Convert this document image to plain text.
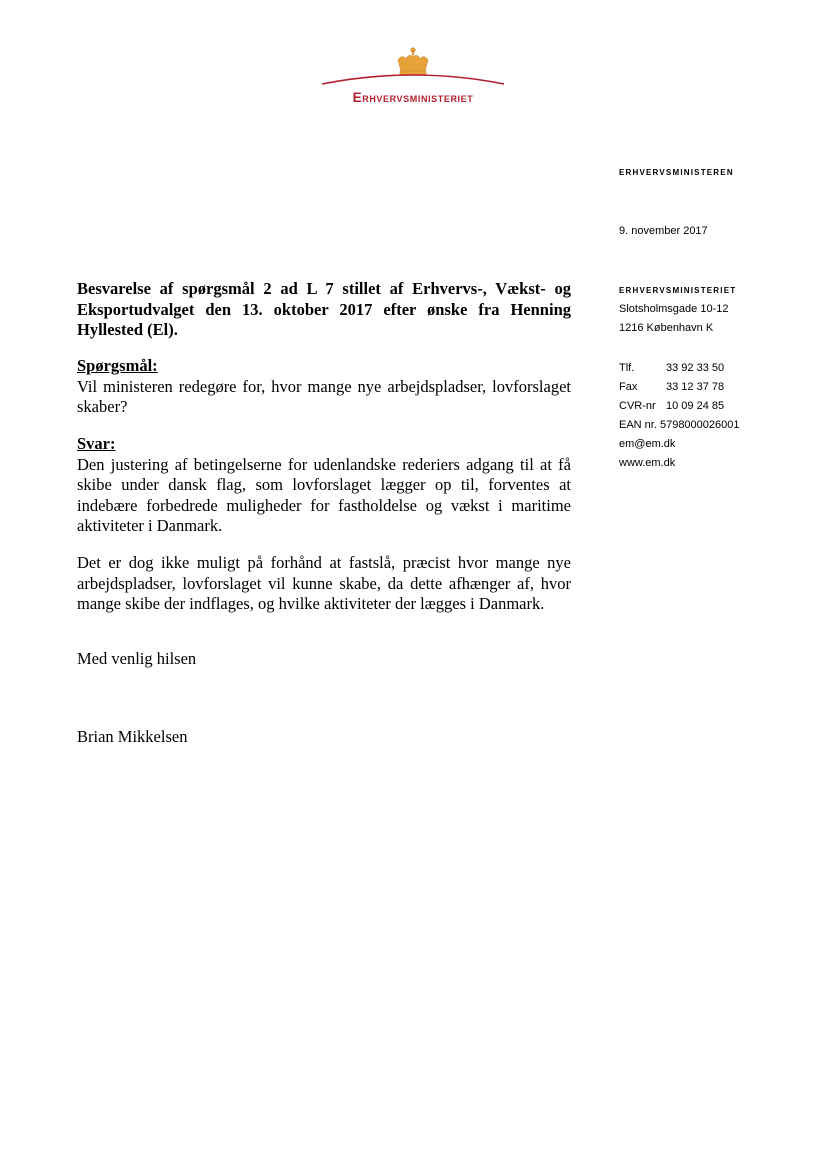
Erhvervsministeriet
ERHVERVSMINISTEREN
9. november 2017
ERHVERVSMINISTERIET
Slotsholmsgade 10-12
1216 København K
Tlf.	33 92 33 50
Fax	33 12 37 78
CVR-nr 10 09 24 85
EAN nr. 5798000026001
em@em.dk
www.em.dk
Besvarelse af spørgsmål 2 ad L 7 stillet af Erhvervs-, Vækst- og Eksportudvalget den 13. oktober 2017 efter ønske fra Henning Hyllested (El).
Spørgsmål:
Vil ministeren redegøre for, hvor mange nye arbejdspladser, lovforslaget skaber?
Svar:
Den justering af betingelserne for udenlandske rederiers adgang til at få skibe under dansk flag, som lovforslaget lægger op til, forventes at indebære forbedrede muligheder for fastholdelse og vækst i maritime aktiviteter i Danmark.
Det er dog ikke muligt på forhånd at fastslå, præcist hvor mange nye arbejdspladser, lovforslaget vil kunne skabe, da dette afhænger af, hvor mange skibe der indflages, og hvilke aktiviteter der lægges i Danmark.
Med venlig hilsen
Brian Mikkelsen
